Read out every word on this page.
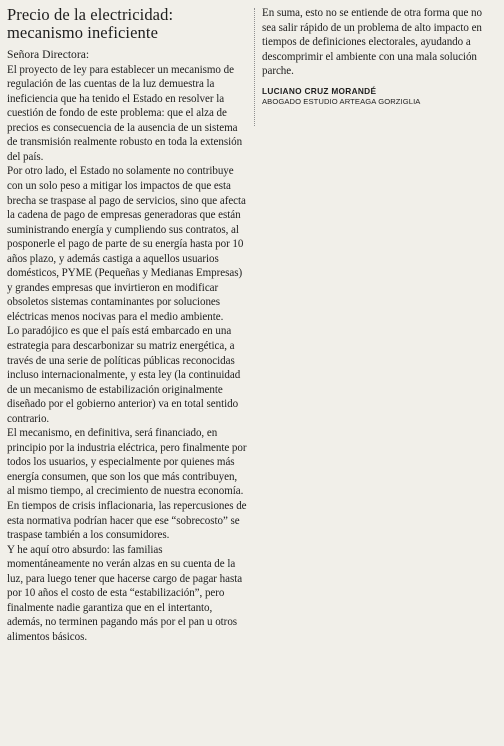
Precio de la electricidad: mecanismo ineficiente

Señora Directora:

El proyecto de ley para establecer un mecanismo de regulación de las cuentas de la luz demuestra la ineficiencia que ha tenido el Estado en resolver la cuestión de fondo de este problema: que el alza de precios es consecuencia de la ausencia de un sistema de transmisión realmente robusto en toda la extensión del país.

Por otro lado, el Estado no solamente no contribuye con un solo peso a mitigar los impactos de que esta brecha se traspase al pago de servicios, sino que afecta la cadena de pago de empresas generadoras que están suministrando energía y cumpliendo sus contratos, al posponerle el pago de parte de su energía hasta por 10 años plazo, y además castiga a aquellos usuarios domésticos, PYME (Pequeñas y Medianas Empresas) y grandes empresas que invirtieron en modificar obsoletos sistemas contaminantes por soluciones eléctricas menos nocivas para el medio ambiente.

Lo paradójico es que el país está embarcado en una estrategia para descarbonizar su matriz energética, a través de una serie de políticas públicas reconocidas incluso internacionalmente, y esta ley (la continuidad de un mecanismo de estabilización originalmente diseñado por el gobierno anterior) va en total sentido contrario.

El mecanismo, en definitiva, será financiado, en principio por la industria eléctrica, pero finalmente por todos los usuarios, y especialmente por quienes más energía consumen, que son los que más contribuyen, al mismo tiempo, al crecimiento de nuestra economía. En tiempos de crisis inflacionaria, las repercusiones de esta normativa podrían hacer que ese “sobrecosto” se traspase también a los consumidores.

Y he aquí otro absurdo: las familias momentáneamente no verán alzas en su cuenta de la luz, para luego tener que hacerse cargo de pagar hasta por 10 años el costo de esta “estabilización”, pero finalmente nadie garantiza que en el intertanto, además, no terminen pagando más por el pan u otros alimentos básicos.

En suma, esto no se entiende de otra forma que no sea salir rápido de un problema de alto impacto en tiempos de definiciones electorales, ayudando a descomprimir el ambiente con una mala solución parche.

LUCIANO CRUZ MORANDÉ

ABOGADO ESTUDIO ARTEAGA GORZIGLIA
